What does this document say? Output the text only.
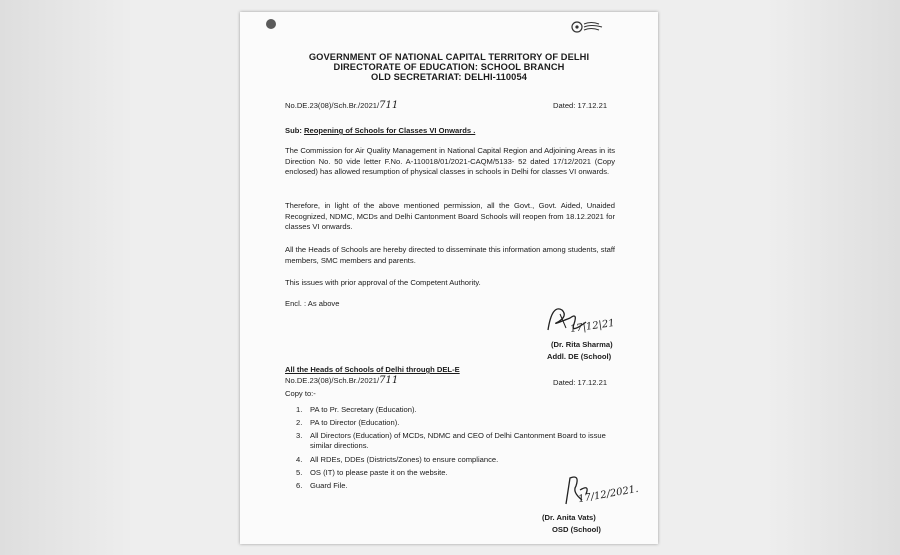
GOVERNMENT OF NATIONAL CAPITAL TERRITORY OF DELHI
DIRECTORATE OF EDUCATION: SCHOOL BRANCH
OLD SECRETARIAT: DELHI-110054
No.DE.23(08)/Sch.Br./2021/711	Dated: 17.12.21
Sub: Reopening of Schools for Classes VI Onwards .
The Commission for Air Quality Management in National Capital Region and Adjoining Areas in its Direction No. 50 vide letter F.No. A-110018/01/2021-CAQM/5133- 52 dated 17/12/2021 (Copy enclosed) has allowed resumption of physical classes in schools in Delhi for classes VI onwards.
Therefore, in light of the above mentioned permission, all the Govt., Govt. Aided, Unaided Recognized, NDMC, MCDs and Delhi Cantonment Board Schools will reopen from 18.12.2021 for classes VI onwards.
All the Heads of Schools are hereby directed to disseminate this information among students, staff members, SMC members and parents.
This issues with prior approval of the Competent Authority.
Encl. : As above
17|12|21
(Dr. Rita Sharma)
Addl. DE (School)
All the Heads of Schools of Delhi through DEL-E
No.DE.23(08)/Sch.Br./2021/711	Dated: 17.12.21
Copy to:-
1. PA to Pr. Secretary (Education).
2. PA to Director (Education).
3. All Directors (Education) of MCDs, NDMC and CEO of Delhi Cantonment Board to issue similar directions.
4. All RDEs, DDEs (Districts/Zones) to ensure compliance.
5. OS (IT) to please paste it on the website.
6. Guard File.	17/12/2021.
(Dr. Anita Vats)
OSD (School)
